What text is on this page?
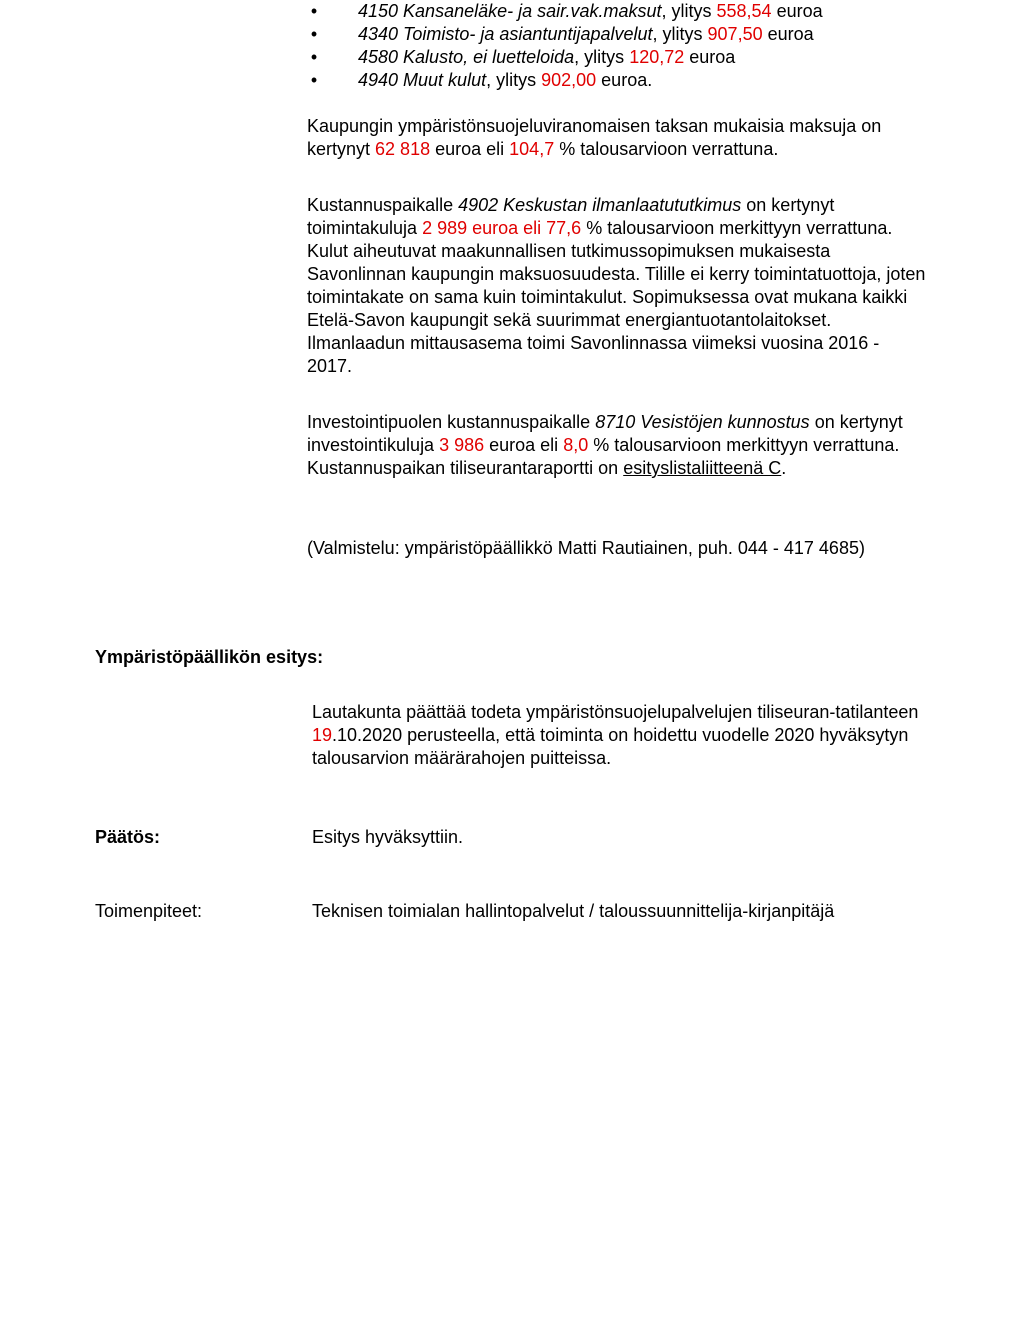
• 4150 Kansaneläke- ja sair.vak.maksut, ylitys 558,54 euroa
• 4340 Toimisto- ja asiantuntijapalvelut, ylitys 907,50 euroa
• 4580 Kalusto, ei luetteloida, ylitys 120,72 euroa
• 4940 Muut kulut, ylitys 902,00 euroa.

Kaupungin ympäristönsuojeluviranomaisen taksan mukaisia maksuja on kertynyt 62 818 euroa eli 104,7 % talousarvioon verrattuna.

Kustannuspaikalle 4902 Keskustan ilmanlaatututkimus on kertynyt toimintakuluja 2 989 euroa eli 77,6 % talousarvioon merkittyyn verrattuna. Kulut aiheutuvat maakunnallisen tutkimussopimuksen mukaisesta Savonlinnan kaupungin maksuosuudesta. Tilille ei kerry toimintatuottoja, joten toimintakate on sama kuin toimintakulut. Sopimuksessa ovat mukana kaikki Etelä-Savon kaupungit sekä suurimmat energiantuotantolaitokset. Ilmanlaadun mittausasema toimi Savonlinnassa viimeksi vuosina 2016 - 2017.

Investointipuolen kustannuspaikalle 8710 Vesistöjen kunnostus on kertynyt investointikuluja 3 986 euroa eli 8,0 % talousarvioon merkittyyn verrattuna. Kustannuspaikan tiliseurantaraportti on esityslistaliitteenä C.

(Valmistelu: ympäristöpäällikkö Matti Rautiainen, puh. 044 - 417 4685)

Ympäristöpäällikön esitys:

Lautakunta päättää todeta ympäristönsuojelupalvelujen tiliseuran-tatilanteen 19.10.2020 perusteella, että toiminta on hoidettu vuodelle 2020 hyväksytyn talousarvion määrärahojen puitteissa.

Päätös:	Esitys hyväksyttiin.

Toimenpiteet:	Teknisen toimialan hallintopalvelut / taloussuunnittelija-kirjanpitäjä
